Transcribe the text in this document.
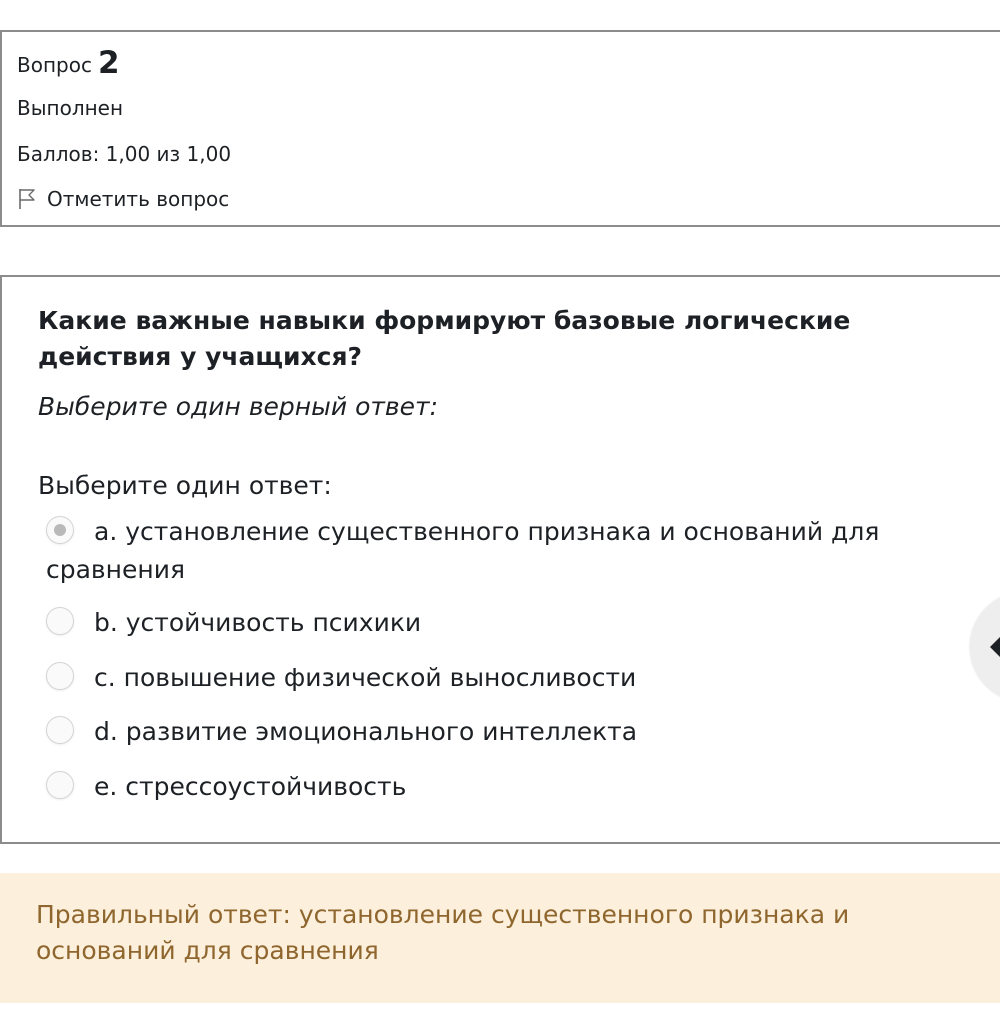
Вопрос 2
Выполнен
Баллов: 1,00 из 1,00
Отметить вопрос
Какие важные навыки формируют базовые логические действия у учащихся?
Выберите один верный ответ:
Выберите один ответ:
a. установление существенного признака и оснований для сравнения
b. устойчивость психики
c. повышение физической выносливости
d. развитие эмоционального интеллекта
e. стрессоустойчивость
Правильный ответ: установление существенного признака и оснований для сравнения
